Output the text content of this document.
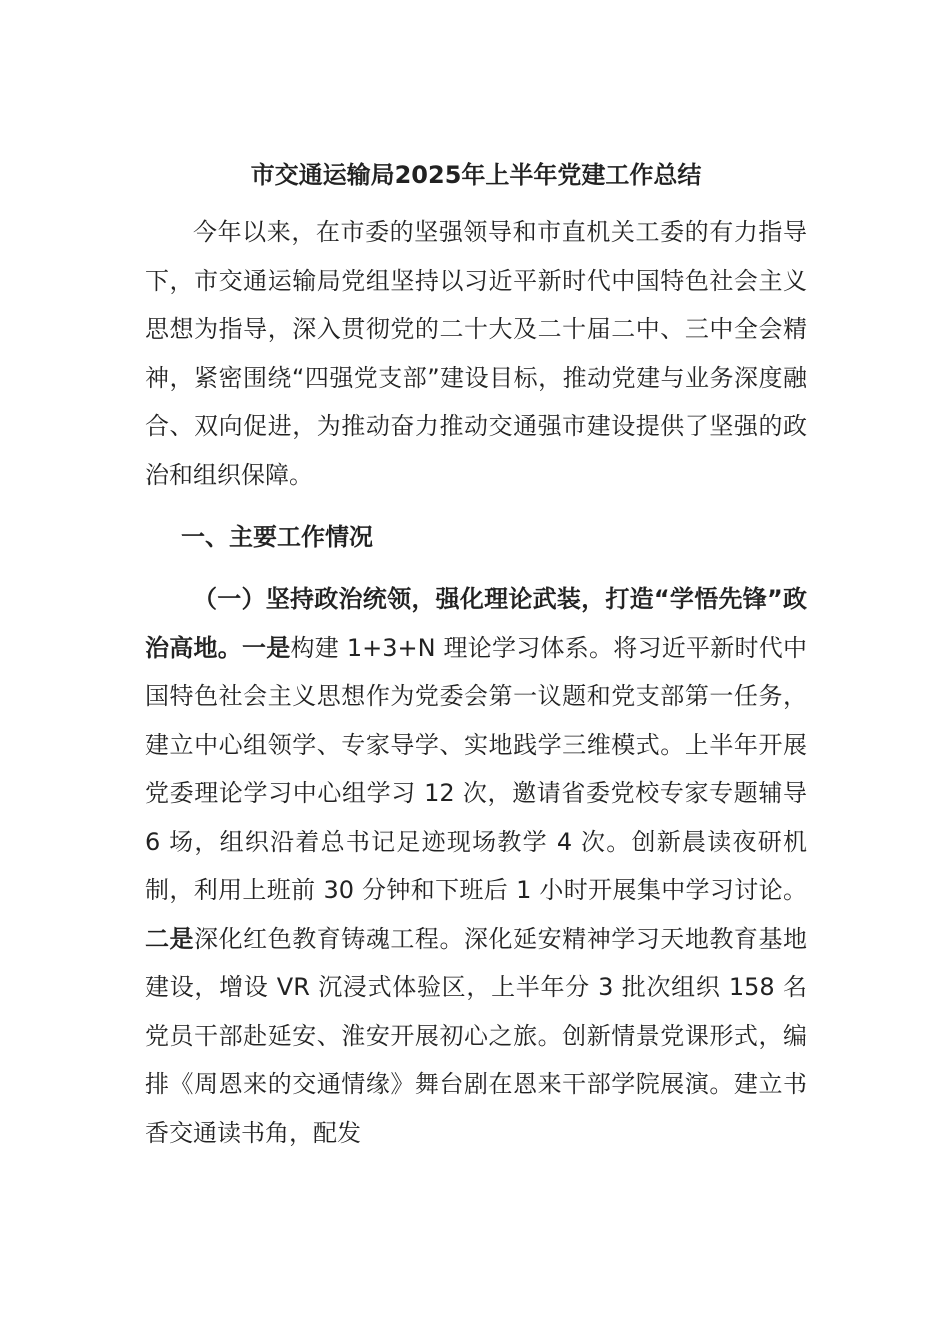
市交通运输局2025年上半年党建工作总结

今年以来，在市委的坚强领导和市直机关工委的有力指导下，市交通运输局党组坚持以习近平新时代中国特色社会主义思想为指导，深入贯彻党的二十大及二十届二中、三中全会精神，紧密围绕“四强党支部”建设目标，推动党建与业务深度融合、双向促进，为推动奋力推动交通强市建设提供了坚强的政治和组织保障。

一、主要工作情况

（一）坚持政治统领，强化理论武装，打造“学悟先锋”政治高地。一是构建 1+3+N 理论学习体系。将习近平新时代中国特色社会主义思想作为党委会第一议题和党支部第一任务，建立中心组领学、专家导学、实地践学三维模式。上半年开展党委理论学习中心组学习 12 次，邀请省委党校专家专题辅导 6 场，组织沿着总书记足迹现场教学 4 次。创新晨读夜研机制，利用上班前 30 分钟和下班后 1 小时开展集中学习讨论。二是深化红色教育铸魂工程。深化延安精神学习天地教育基地建设，增设 VR 沉浸式体验区，上半年分 3 批次组织 158 名党员干部赴延安、淮安开展初心之旅。创新情景党课形式，编排《周恩来的交通情缘》舞台剧在恩来干部学院展演。建立书香交通读书角，配发
